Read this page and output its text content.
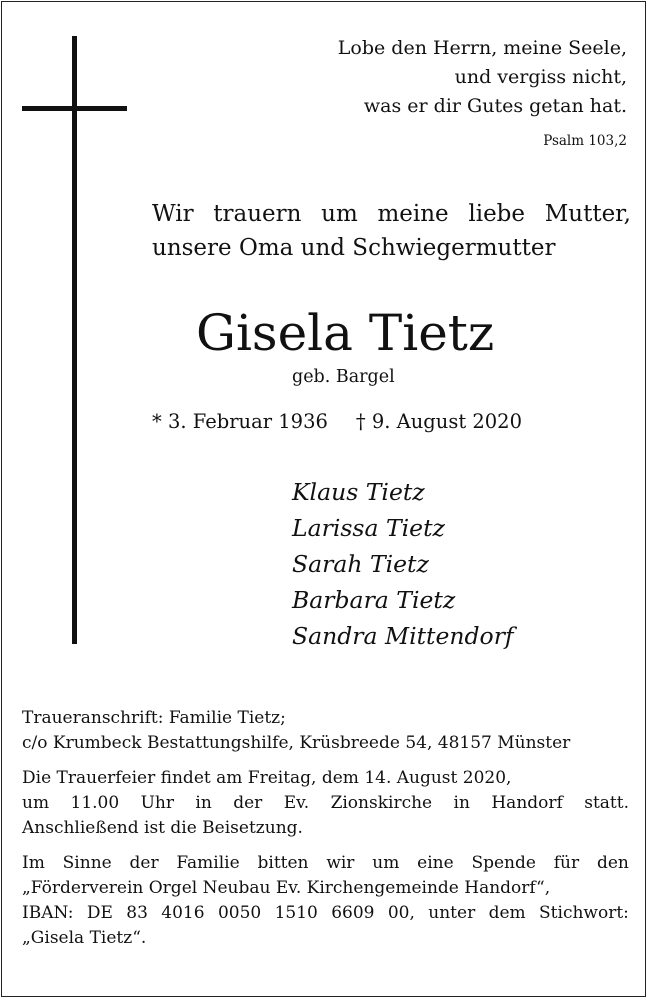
Lobe den Herrn, meine Seele,
und vergiss nicht,
was er dir Gutes getan hat.
Psalm 103,2
Wir trauern um meine liebe Mutter,
unsere Oma und Schwiegermutter
Gisela Tietz
geb. Bargel
* 3. Februar 1936 † 9. August 2020
Klaus Tietz
Larissa Tietz
Sarah Tietz
Barbara Tietz
Sandra Mittendorf
Traueranschrift: Familie Tietz;
c/o Krumbeck Bestattungshilfe, Krüsbreede 54, 48157 Münster
Die Trauerfeier findet am Freitag, dem 14. August 2020,
um 11.00 Uhr in der Ev. Zionskirche in Handorf statt.
Anschließend ist die Beisetzung.
Im Sinne der Familie bitten wir um eine Spende für den
„Förderverein Orgel Neubau Ev. Kirchengemeinde Handorf“,
IBAN: DE 83 4016 0050 1510 6609 00, unter dem Stichwort:
„Gisela Tietz“.
